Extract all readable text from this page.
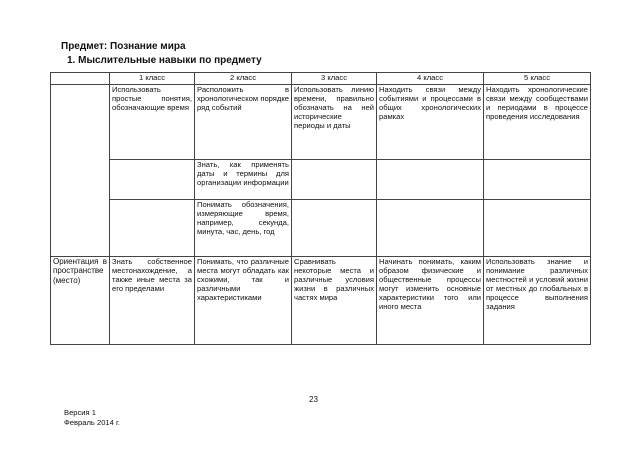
Предмет: Познание мира
1. Мыслительные навыки по предмету
	1 класс	2 класс	3 класс	4 класс	5 класс
	Использовать простые понятия, обозначающие время	Расположить в хронологическом порядке ряд событий	Использовать линию времени, правильно обозначать на ней исторические периоды и даты	Находить связи между событиями и процессами в общих хронологических рамках	Находить хронологические связи между сообществами и периодами в процессе проведения исследования
		Знать, как применять даты и термины для организации информации			
		Понимать обозначения, измеряющие время, например, секунда, минута, час, день, год			
Ориентация в пространстве (место)	Знать собственное местонахождение, а также иные места за его пределами	Понимать, что различные места могут обладать как схожими, так и различными характеристиками	Сравнивать некоторые места и различные условия жизни в различных частях мира	Начинать понимать, каким образом физические и общественные процессы могут изменить основные характеристики того или иного места	Использовать знание и понимание различных местностей и условий жизни от местных до глобальных в процессе выполнения задания
23
Версия 1
Февраль 2014 г.
